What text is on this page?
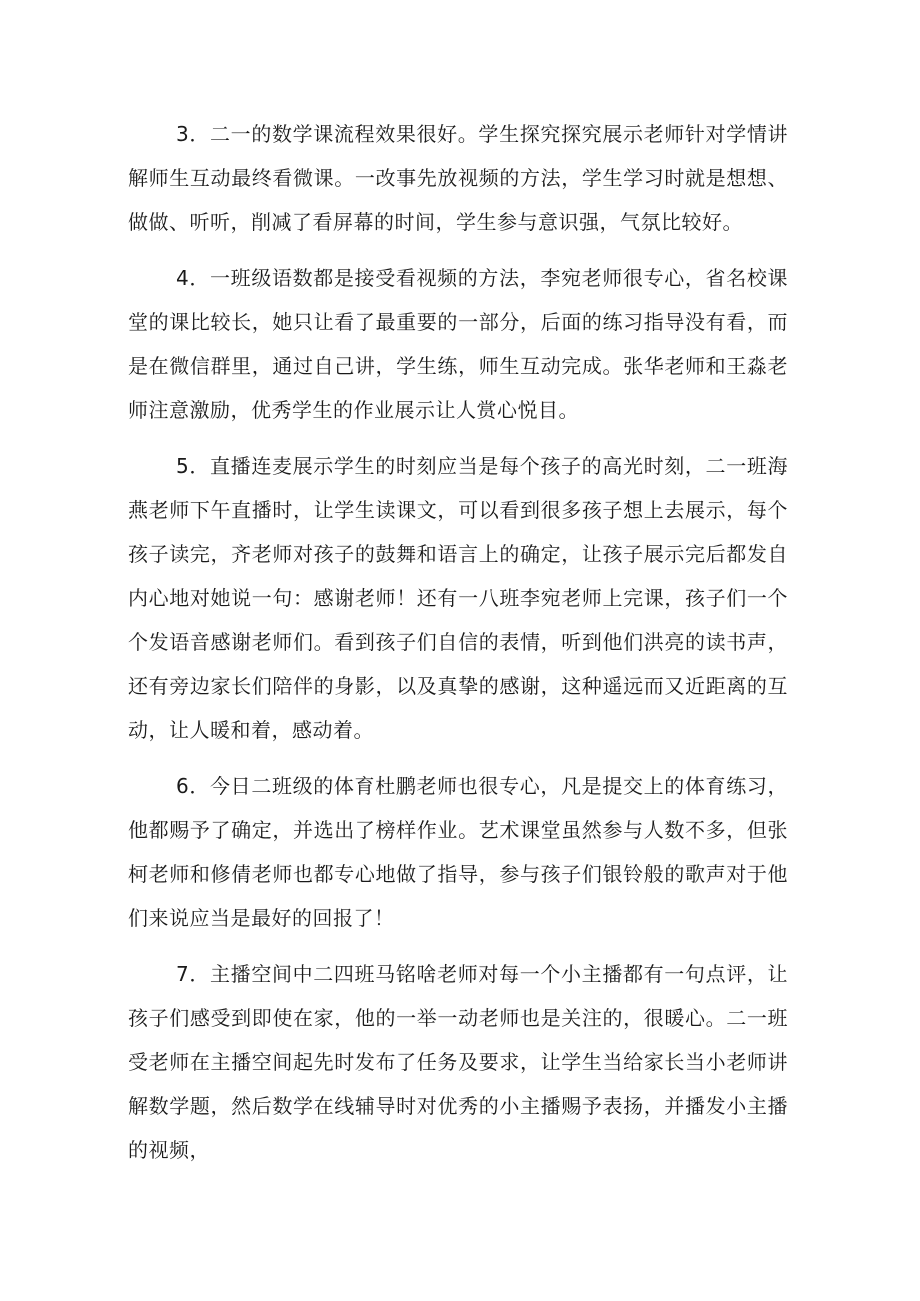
3．二一的数学课流程效果很好。学生探究探究展示老师针对学情讲解师生互动最终看微课。一改事先放视频的方法，学生学习时就是想想、做做、听听，削减了看屏幕的时间，学生参与意识强，气氛比较好。

4．一班级语数都是接受看视频的方法，李宛老师很专心，省名校课堂的课比较长，她只让看了最重要的一部分，后面的练习指导没有看，而是在微信群里，通过自己讲，学生练，师生互动完成。张华老师和王淼老师注意激励，优秀学生的作业展示让人赏心悦目。

5．直播连麦展示学生的时刻应当是每个孩子的高光时刻，二一班海燕老师下午直播时，让学生读课文，可以看到很多孩子想上去展示，每个孩子读完，齐老师对孩子的鼓舞和语言上的确定，让孩子展示完后都发自内心地对她说一句：感谢老师！还有一八班李宛老师上完课，孩子们一个个发语音感谢老师们。看到孩子们自信的表情，听到他们洪亮的读书声，还有旁边家长们陪伴的身影，以及真挚的感谢，这种遥远而又近距离的互动，让人暖和着，感动着。

6．今日二班级的体育杜鹏老师也很专心，凡是提交上的体育练习，他都赐予了确定，并选出了榜样作业。艺术课堂虽然参与人数不多，但张柯老师和修倩老师也都专心地做了指导，参与孩子们银铃般的歌声对于他们来说应当是最好的回报了！

7．主播空间中二四班马铭啥老师对每一个小主播都有一句点评，让孩子们感受到即使在家，他的一举一动老师也是关注的，很暖心。二一班受老师在主播空间起先时发布了任务及要求，让学生当给家长当小老师讲解数学题，然后数学在线辅导时对优秀的小主播赐予表扬，并播发小主播的视频，
